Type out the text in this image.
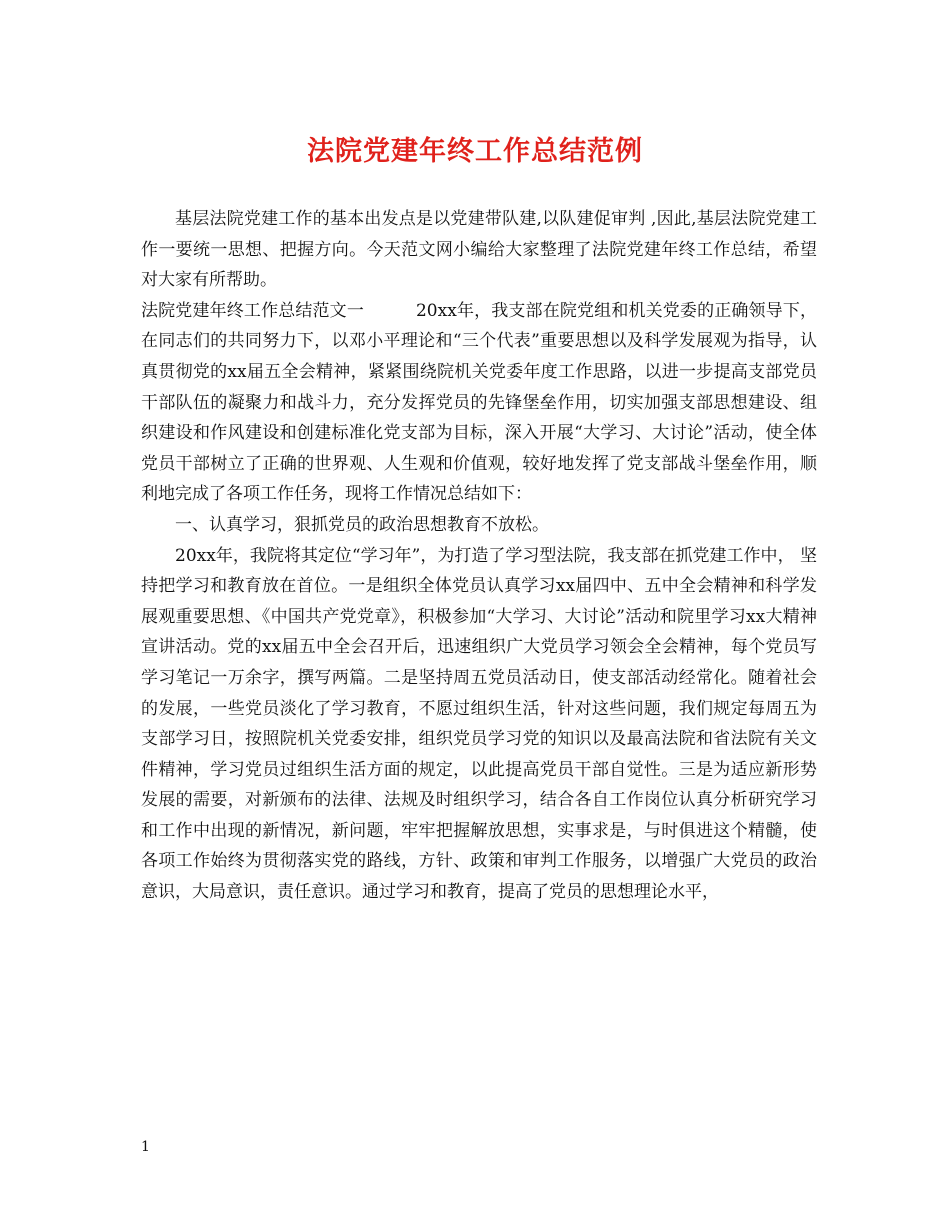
法院党建年终工作总结范例

基层法院党建工作的基本出发点是以党建带队建,以队建促审判 ,因此,基层法院党建工作一要统一思想、把握方向。今天范文网小编给大家整理了法院党建年终工作总结，希望对大家有所帮助。

法院党建年终工作总结范文一	20xx年，我支部在院党组和机关党委的正确领导下，在同志们的共同努力下，以邓小平理论和“三个代表”重要思想以及科学发展观为指导，认真贯彻党的xx届五全会精神，紧紧围绕院机关党委年度工作思路，以进一步提高支部党员干部队伍的凝聚力和战斗力，充分发挥党员的先锋堡垒作用，切实加强支部思想建设、组织建设和作风建设和创建标准化党支部为目标，深入开展“大学习、大讨论”活动，使全体党员干部树立了正确的世界观、人生观和价值观，较好地发挥了党支部战斗堡垒作用，顺利地完成了各项工作任务，现将工作情况总结如下：

一、认真学习，狠抓党员的政治思想教育不放松。

20xx年，我院将其定位“学习年”，为打造了学习型法院，我支部在抓党建工作中， 坚持把学习和教育放在首位。一是组织全体党员认真学习xx届四中、五中全会精神和科学发展观重要思想、《中国共产党党章》，积极参加“大学习、大讨论”活动和院里学习xx大精神宣讲活动。党的xx届五中全会召开后，迅速组织广大党员学习领会全会精神，每个党员写学习笔记一万余字，撰写两篇。二是坚持周五党员活动日，使支部活动经常化。随着社会的发展，一些党员淡化了学习教育，不愿过组织生活，针对这些问题，我们规定每周五为支部学习日，按照院机关党委安排，组织党员学习党的知识以及最高法院和省法院有关文件精神，学习党员过组织生活方面的规定，以此提高党员干部自觉性。三是为适应新形势发展的需要，对新颁布的法律、法规及时组织学习，结合各自工作岗位认真分析研究学习和工作中出现的新情况，新问题，牢牢把握解放思想，实事求是，与时俱进这个精髓，使各项工作始终为贯彻落实党的路线，方针、政策和审判工作服务，以增强广大党员的政治意识，大局意识，责任意识。通过学习和教育，提高了党员的思想理论水平，

1
